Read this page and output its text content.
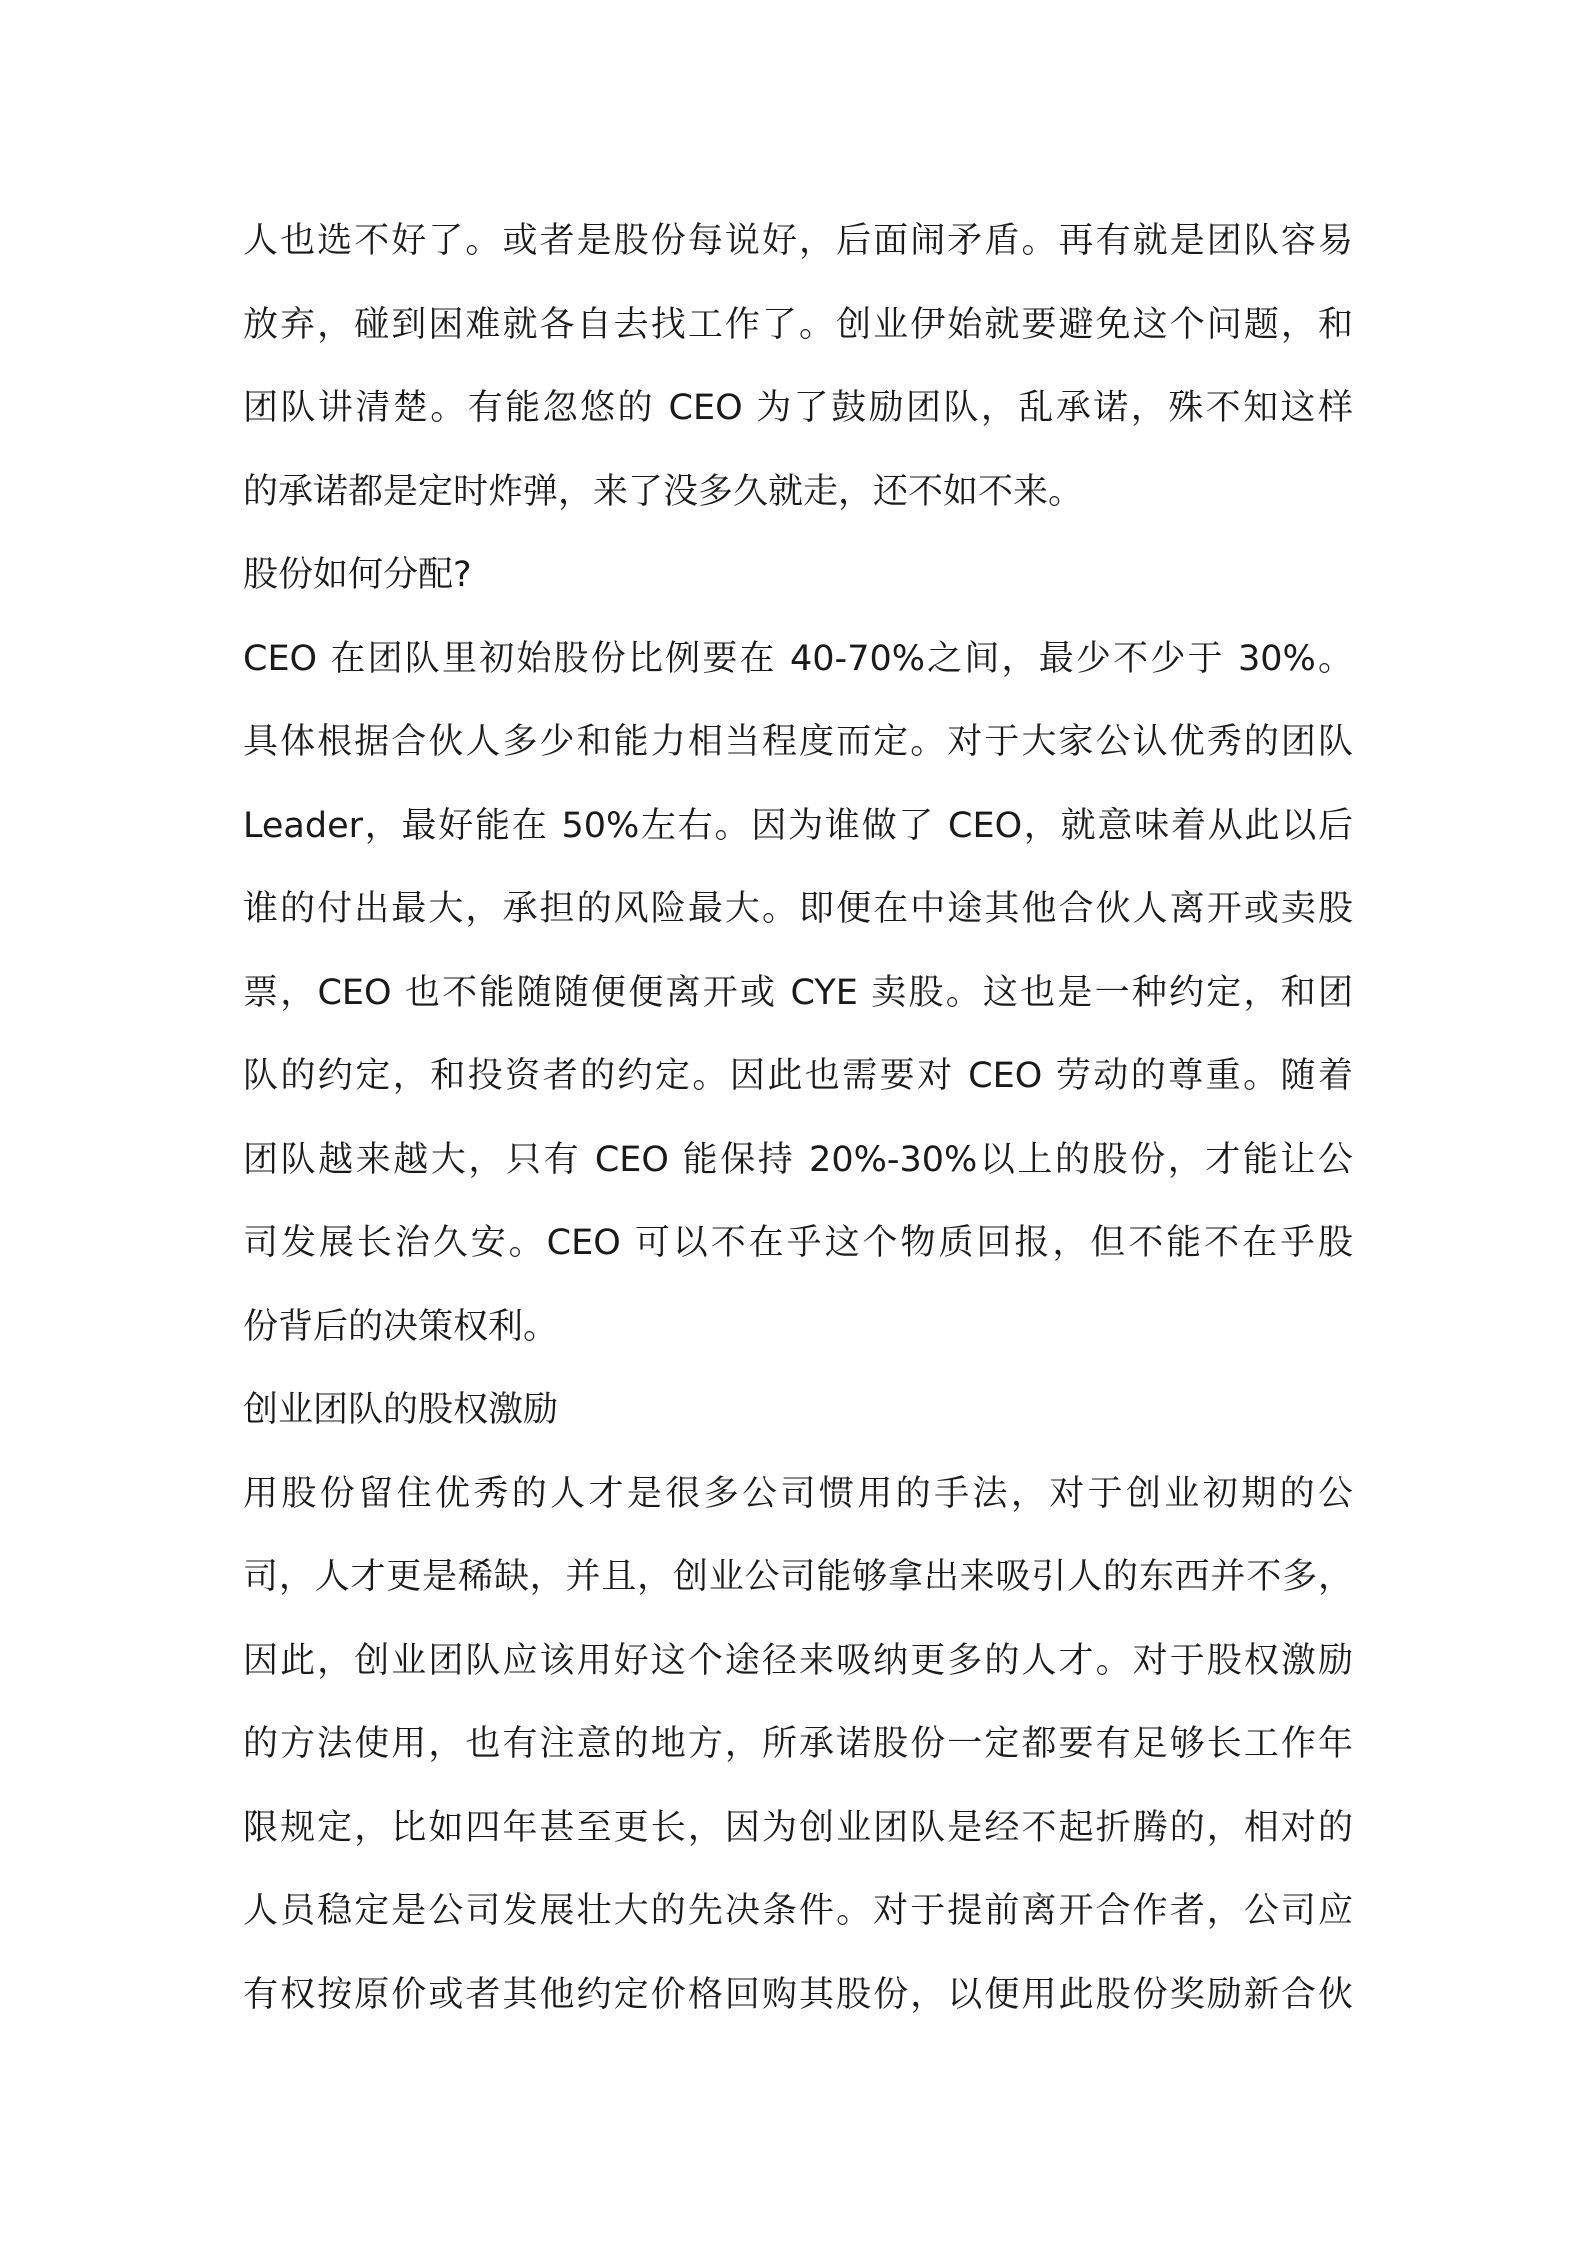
人也选不好了。或者是股份每说好，后面闹矛盾。再有就是团队容易
放弃，碰到困难就各自去找工作了。创业伊始就要避免这个问题，和
团队讲清楚。有能忽悠的 CEO 为了鼓励团队，乱承诺，殊不知这样
的承诺都是定时炸弹，来了没多久就走，还不如不来。
股份如何分配?
CEO 在团队里初始股份比例要在 40-70%之间，最少不少于 30%。
具体根据合伙人多少和能力相当程度而定。对于大家公认优秀的团队
Leader，最好能在 50%左右。因为谁做了 CEO，就意味着从此以后
谁的付出最大，承担的风险最大。即便在中途其他合伙人离开或卖股
票，CEO 也不能随随便便离开或 CYE 卖股。这也是一种约定，和团
队的约定，和投资者的约定。因此也需要对 CEO 劳动的尊重。随着
团队越来越大，只有 CEO 能保持 20%-30%以上的股份，才能让公
司发展长治久安。CEO 可以不在乎这个物质回报，但不能不在乎股
份背后的决策权利。
创业团队的股权激励
用股份留住优秀的人才是很多公司惯用的手法，对于创业初期的公
司，人才更是稀缺，并且，创业公司能够拿出来吸引人的东西并不多，
因此，创业团队应该用好这个途径来吸纳更多的人才。对于股权激励
的方法使用，也有注意的地方，所承诺股份一定都要有足够长工作年
限规定，比如四年甚至更长，因为创业团队是经不起折腾的，相对的
人员稳定是公司发展壮大的先决条件。对于提前离开合作者，公司应
有权按原价或者其他约定价格回购其股份，以便用此股份奖励新合伙
